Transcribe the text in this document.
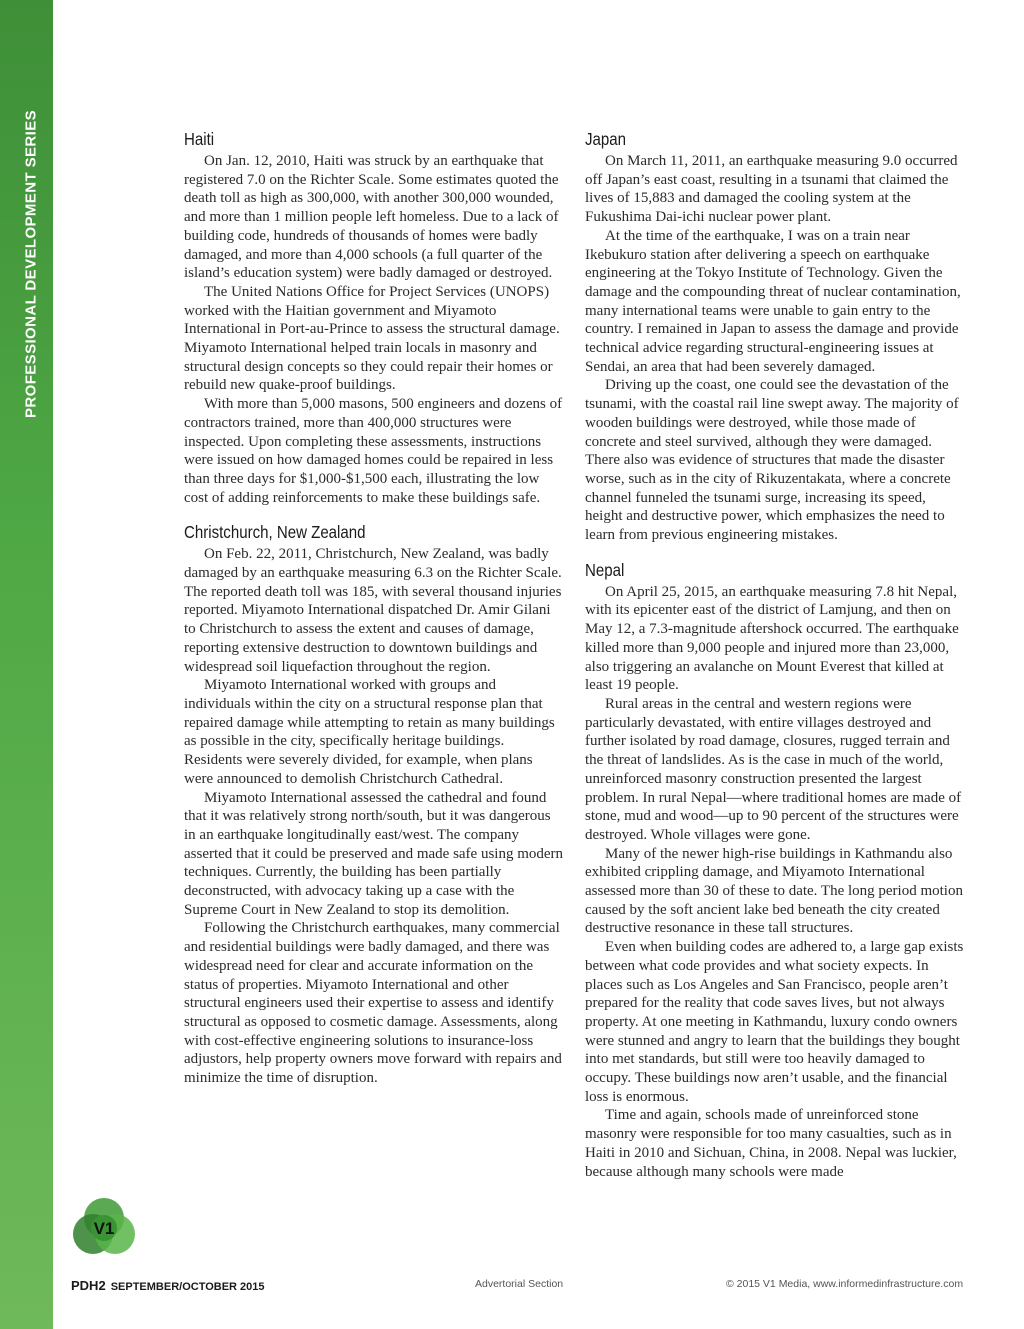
PROFESSIONAL DEVELOPMENT SERIES	Haiti

On Jan. 12, 2010, Haiti was struck by an earthquake that registered 7.0 on the Richter Scale. Some estimates quoted the death toll as high as 300,000, with another 300,000 wounded, and more than 1 million people left homeless. Due to a lack of building code, hundreds of thousands of homes were badly damaged, and more than 4,000 schools (a full quarter of the island’s education system) were badly damaged or destroyed.

The United Nations Office for Project Services (UNOPS) worked with the Haitian government and Miyamoto International in Port-au-Prince to assess the structural damage. Miyamoto International helped train locals in masonry and structural design concepts so they could repair their homes or rebuild new quake-proof buildings.

With more than 5,000 masons, 500 engineers and dozens of contractors trained, more than 400,000 structures were inspected. Upon completing these assessments, instructions were issued on how damaged homes could be repaired in less than three days for $1,000-$1,500 each, illustrating the low cost of adding reinforcements to make these buildings safe.

Christchurch, New Zealand

On Feb. 22, 2011, Christchurch, New Zealand, was badly damaged by an earthquake measuring 6.3 on the Richter Scale. The reported death toll was 185, with several thousand injuries reported. Miyamoto International dispatched Dr. Amir Gilani to Christchurch to assess the extent and causes of damage, reporting extensive destruction to downtown buildings and widespread soil liquefaction throughout the region.

Miyamoto International worked with groups and individuals within the city on a structural response plan that repaired damage while attempting to retain as many buildings as possible in the city, specifically heritage buildings. Residents were severely divided, for example, when plans were announced to demolish Christchurch Cathedral.

Miyamoto International assessed the cathedral and found that it was relatively strong north/south, but it was dangerous in an earthquake longitudinally east/west. The company asserted that it could be preserved and made safe using modern techniques. Currently, the building has been partially deconstructed, with advocacy taking up a case with the Supreme Court in New Zealand to stop its demolition.

Following the Christchurch earthquakes, many commercial and residential buildings were badly damaged, and there was widespread need for clear and accurate information on the status of properties. Miyamoto International and other structural engineers used their expertise to assess and identify structural as opposed to cosmetic damage. Assessments, along with cost-effective engineering solutions to insurance-loss adjustors, help property owners move forward with repairs and minimize the time of disruption.

Japan

On March 11, 2011, an earthquake measuring 9.0 occurred off Japan’s east coast, resulting in a tsunami that claimed the lives of 15,883 and damaged the cooling system at the Fukushima Dai-ichi nuclear power plant.

At the time of the earthquake, I was on a train near Ikebukuro station after delivering a speech on earthquake engineering at the Tokyo Institute of Technology. Given the damage and the compounding threat of nuclear contamination, many international teams were unable to gain entry to the country. I remained in Japan to assess the damage and provide technical advice regarding structural-engineering issues at Sendai, an area that had been severely damaged.

Driving up the coast, one could see the devastation of the tsunami, with the coastal rail line swept away. The majority of wooden buildings were destroyed, while those made of concrete and steel survived, although they were damaged. There also was evidence of structures that made the disaster worse, such as in the city of Rikuzentakata, where a concrete channel funneled the tsunami surge, increasing its speed, height and destructive power, which emphasizes the need to learn from previous engineering mistakes.

Nepal

On April 25, 2015, an earthquake measuring 7.8 hit Nepal, with its epicenter east of the district of Lamjung, and then on May 12, a 7.3-magnitude aftershock occurred. The earthquake killed more than 9,000 people and injured more than 23,000, also triggering an avalanche on Mount Everest that killed at least 19 people.

Rural areas in the central and western regions were particularly devastated, with entire villages destroyed and further isolated by road damage, closures, rugged terrain and the threat of landslides. As is the case in much of the world, unreinforced masonry construction presented the largest problem. In rural Nepal—where traditional homes are made of stone, mud and wood—up to 90 percent of the structures were destroyed. Whole villages were gone.

Many of the newer high-rise buildings in Kathmandu also exhibited crippling damage, and Miyamoto International assessed more than 30 of these to date. The long period motion caused by the soft ancient lake bed beneath the city created destructive resonance in these tall structures.

Even when building codes are adhered to, a large gap exists between what code provides and what society expects. In places such as Los Angeles and San Francisco, people aren’t prepared for the reality that code saves lives, but not always property. At one meeting in Kathmandu, luxury condo owners were stunned and angry to learn that the buildings they bought into met standards, but still were too heavily damaged to occupy. These buildings now aren’t usable, and the financial loss is enormous.

Time and again, schools made of unreinforced stone masonry were responsible for too many casualties, such as in Haiti in 2010 and Sichuan, China, in 2008. Nepal was luckier, because although many schools were made

V1
PDH2 SEPTEMBER/OCTOBER 2015	Advertorial Section	© 2015 V1 Media, www.informedinfrastructure.com
